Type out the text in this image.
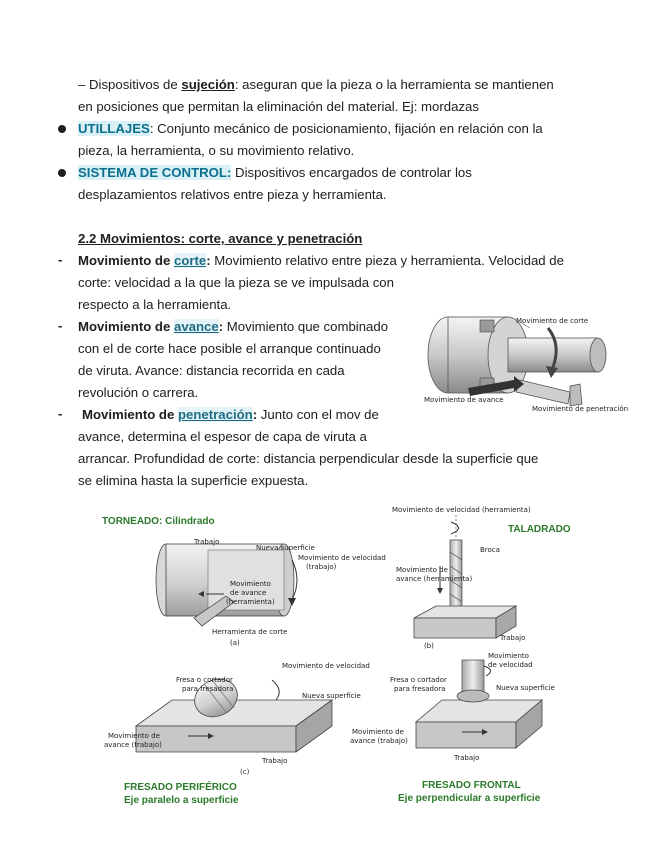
– Dispositivos de sujeción: aseguran que la pieza o la herramienta se mantienen
en posiciones que permitan la eliminación del material. Ej: mordazas
UTILLAJES: Conjunto mecánico de posicionamiento, fijación en relación con la
pieza, la herramienta, o su movimiento relativo.
SISTEMA DE CONTROL: Dispositivos encargados de controlar los
desplazamientos relativos entre pieza y herramienta.
2.2 Movimientos: corte, avance y penetración
- Movimiento de corte: Movimiento relativo entre pieza y herramienta. Velocidad de
corte: velocidad a la que la pieza se ve impulsada con
respecto a la herramienta.
- Movimiento de avance: Movimiento que combinado
con el de corte hace posible el arranque continuado
de viruta. Avance: distancia recorrida en cada
revolución o carrera.
- Movimiento de penetración: Junto con el mov de
avance, determina el espesor de capa de viruta a
arrancar. Profundidad de corte: distancia perpendicular desde la superficie que
se elimina hasta la superficie expuesta.
Movimiento de corte
Movimiento de avance
Movimiento de penetración
TORNEADO: Cilindrado
TALADRADO
Trabajo
Nueva superficie
Movimiento de velocidad
(trabajo)
Movimiento
de avance
(herramienta)
Herramienta de corte
(a)
Movimiento de velocidad (herramienta)
Broca
Movimiento de
avance (herramienta)
Trabajo
(b)
Movimiento de velocidad
Fresa o cortador
para fresadora
Nueva superficie
Movimiento de
avance (trabajo)
Trabajo
(c)
Movimiento
de velocidad
Fresa o cortador
para fresadora	Nueva superficie
Movimiento de
avance (trabajo)
Trabajo
FRESADO PERIFÉRICO
Eje paralelo a superficie
FRESADO FRONTAL
Eje perpendicular a superficie
